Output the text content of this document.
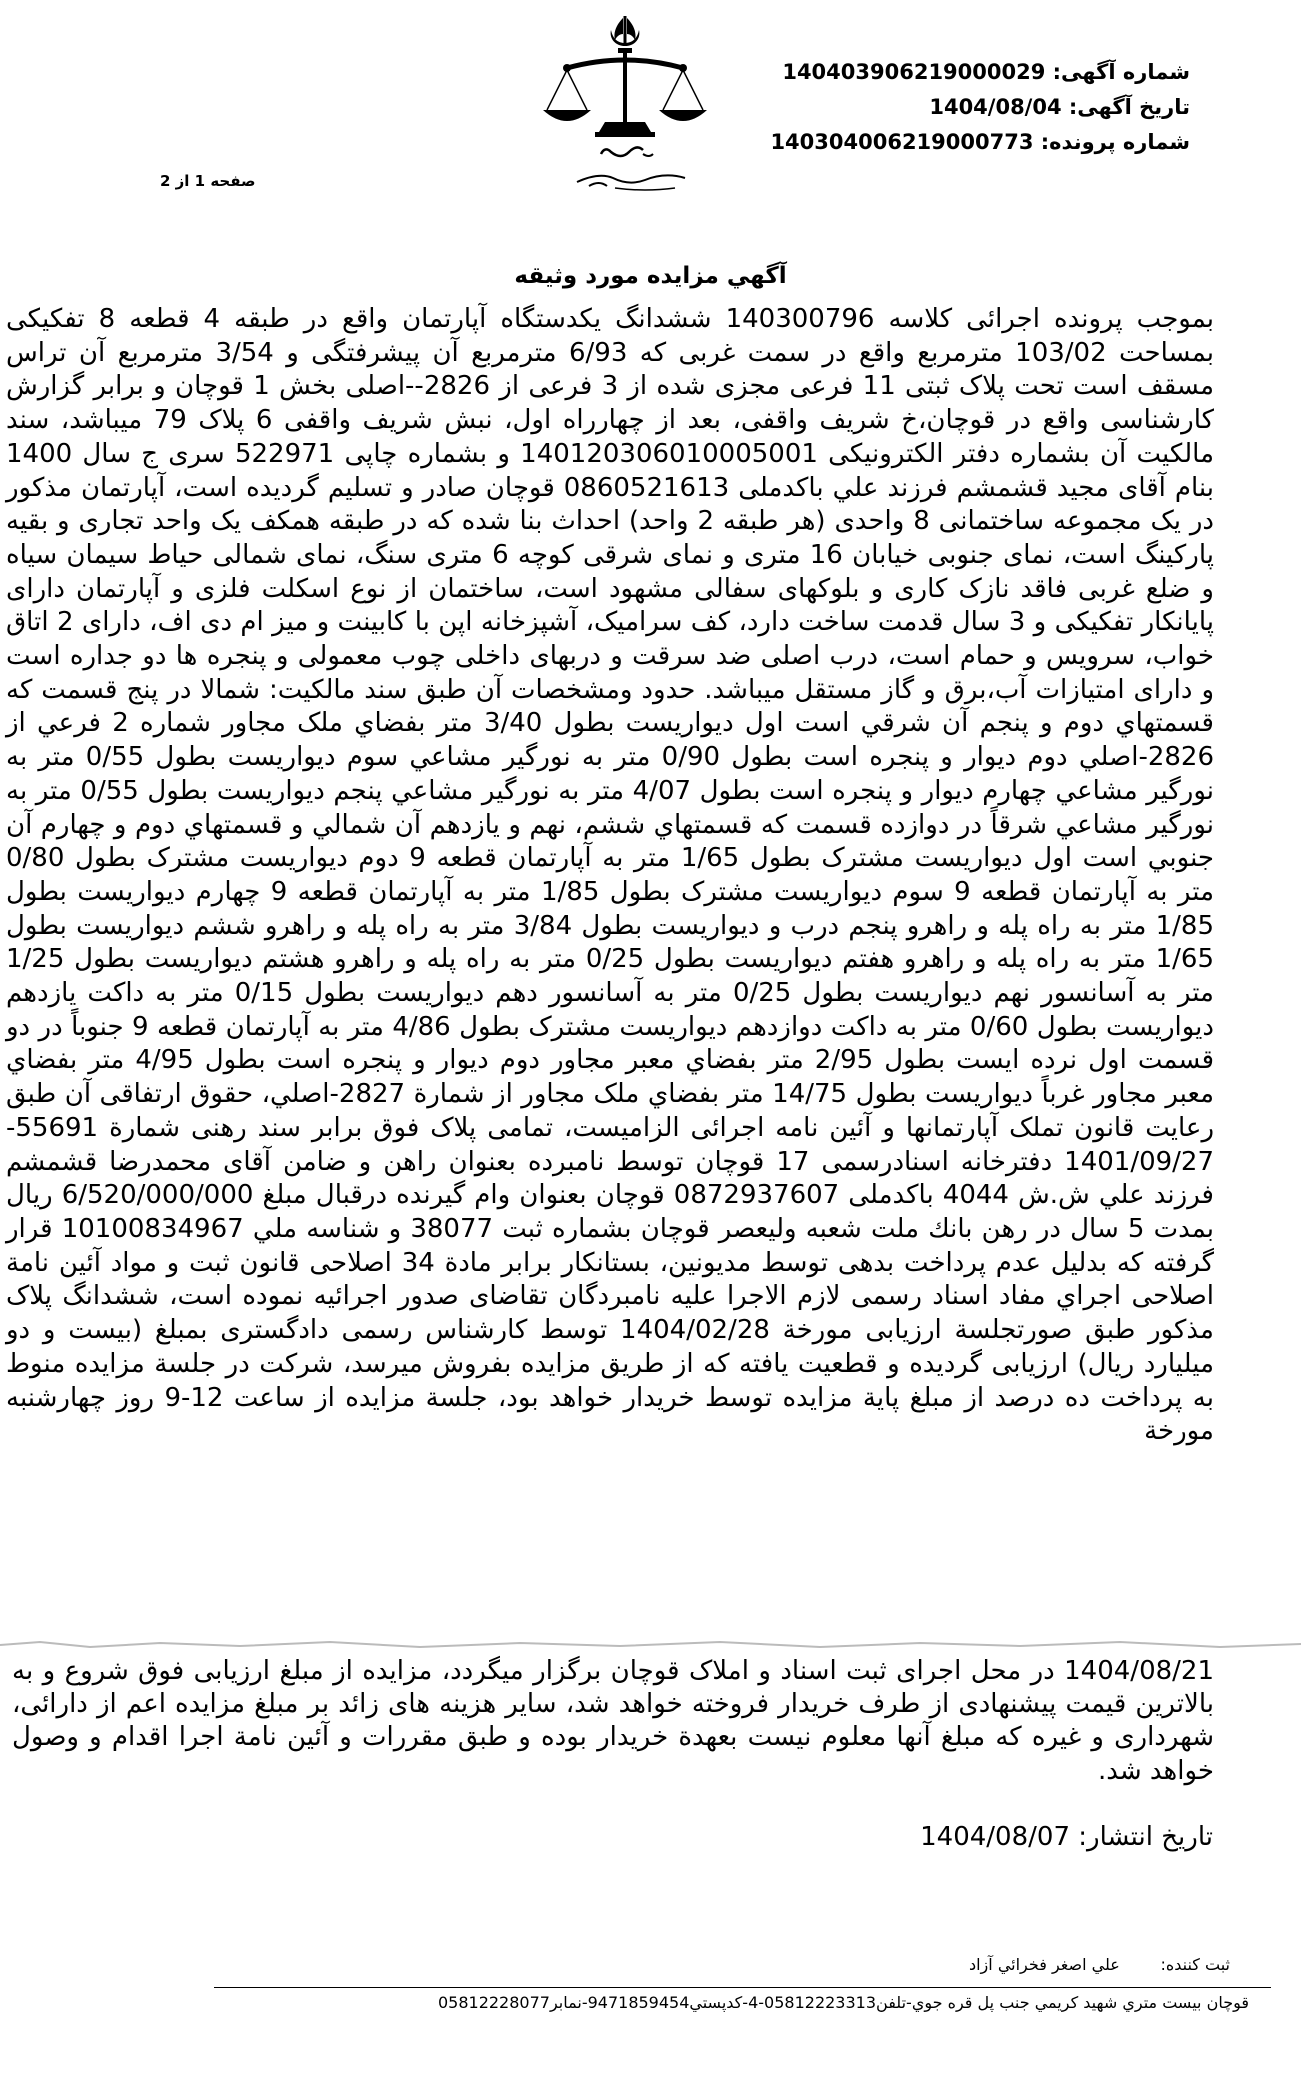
شماره آگهی: 14040390621900002‎9
تاریخ آگهی: 1404/08/04
شماره پرونده: 140304006219000773
صفحه 1 از 2
آگهي مزايده مورد وثيقه

بموجب پرونده اجرائی کلاسه 140300796 ششدانگ یکدستگاه آپارتمان واقع در طبقه 4 قطعه 8 تفکیکی بمساحت 103/02 مترمربع واقع در سمت غربی که 6/93 مترمربع آن پیشرفتگی و 3/54 مترمربع آن تراس مسقف است تحت پلاک ثبتی 11 فرعی مجزی شده از 3 فرعی از 2826--اصلی بخش 1 قوچان و برابر گزارش کارشناسی واقع در قوچان،خ شریف واقفی، بعد از چهارراه اول، نبش شریف واقفی 6 پلاک 79 میباشد، سند مالکیت آن بشماره دفتر الکترونیکی 140120306010005001 و بشماره چاپی 522971 سری ج سال 1400 بنام آقای مجید قشمشم فرزند علي باکدملی 0860521613 قوچان صادر و تسلیم گردیده است، آپارتمان مذکور در یک مجموعه ساختمانی 8 واحدی (هر طبقه 2 واحد) احداث بنا شده که در طبقه همکف یک واحد تجاری و بقیه پارکینگ است، نمای جنوبی خیابان 16 متری و نمای شرقی کوچه 6 متری سنگ، نمای شمالی حیاط سیمان سیاه و ضلع غربی فاقد نازک کاری و بلوکهای سفالی مشهود است، ساختمان از نوع اسکلت فلزی و آپارتمان دارای پایانکار تفکیکی و 3 سال قدمت ساخت دارد، کف سرامیک، آشپزخانه اپن با کابینت و میز ام دی اف، دارای 2 اتاق خواب، سرویس و حمام است، درب اصلی ضد سرقت و دربهای داخلی چوب معمولی و پنجره ها دو جداره است و دارای امتیازات آب،برق و گاز مستقل میباشد. حدود ومشخصات آن طبق سند مالکیت: شمالا در پنج قسمت که قسمتهاي دوم و پنجم آن شرقي است اول دیواریست بطول 3/40 متر بفضاي ملک مجاور شماره 2 فرعي از 2826-اصلي دوم ديوار و پنجره است بطول 0/90 متر به نورگير مشاعي سوم ديواريست بطول 0/55 متر به نورگير مشاعي چهارم ديوار و پنجره است بطول 4/07 متر به نورگير مشاعي پنجم ديواريست بطول 0/55 متر به نورگير مشاعي شرقاً در دوازده قسمت که قسمتهاي ششم، نهم و يازدهم آن شمالي و قسمتهاي دوم و چهارم آن جنوبي است اول ديواريست مشترک بطول 1/65 متر به آپارتمان قطعه 9 دوم ديواريست مشترک بطول 0/80 متر به آپارتمان قطعه 9 سوم ديواريست مشترک بطول 1/85 متر به آپارتمان قطعه 9 چهارم ديواريست بطول 1/85 متر به راه پله و راهرو پنجم درب و ديواريست بطول 3/84 متر به راه پله و راهرو ششم ديواريست بطول 1/65 متر به راه پله و راهرو هفتم ديواريست بطول 0/25 متر به راه پله و راهرو هشتم ديواريست بطول 1/25 متر به آسانسور نهم ديواريست بطول 0/25 متر به آسانسور دهم ديواريست بطول 0/15 متر به داکت يازدهم ديواريست بطول 0/60 متر به داکت دوازدهم ديواريست مشترک بطول 4/86 متر به آپارتمان قطعه 9 جنوباً در دو قسمت اول نرده ايست بطول 2/95 متر بفضاي معبر مجاور دوم ديوار و پنجره است بطول 4/95 متر بفضاي معبر مجاور غرباً ديواريست بطول 14/75 متر بفضاي ملک مجاور از شمارة 2827-اصلي، حقوق ارتفاقی آن طبق رعایت قانون تملک آپارتمانها و آئین نامه اجرائی الزامیست، تمامی پلاک فوق برابر سند رهنی شمارة 55691-1401/09/27 دفترخانه اسنادرسمی 17 قوچان توسط نامبرده بعنوان راهن و ضامن آقای محمدرضا قشمشم فرزند علي ش.ش 4044 باکدملی 0872937607 قوچان بعنوان وام گیرنده درقبال مبلغ 6/520/000/000 ریال بمدت 5 سال در رهن بانك ملت شعبه وليعصر قوچان بشماره ثبت 38077 و شناسه ملي 10100834967 قرار گرفته که بدلیل عدم پرداخت بدهی توسط مدیونین، بستانکار برابر مادة 34 اصلاحی قانون ثبت و مواد آئین نامة اصلاحی اجراي مفاد اسناد رسمی لازم الاجرا علیه نامبردگان تقاضای صدور اجرائیه نموده است، ششدانگ پلاک مذکور طبق صورتجلسة ارزیابی مورخة 1404/02/28 توسط کارشناس رسمی دادگستری بمبلغ (بیست و دو میلیارد ریال) ارزیابی گردیده و قطعیت یافته که از طریق مزایده بفروش میرسد، شرکت در جلسة مزایده منوط به پرداخت ده درصد از مبلغ پایة مزایده توسط خریدار خواهد بود، جلسة مزایده از ساعت 12-9 روز چهارشنبه مورخة

1404/08/21 در محل اجرای ثبت اسناد و املاک قوچان برگزار میگردد، مزایده از مبلغ ارزیابی فوق شروع و به بالاترین قیمت پیشنهادی از طرف خریدار فروخته خواهد شد، سایر هزینه های زائد بر مبلغ مزایده اعم از دارائی، شهرداری و غیره که مبلغ آنها معلوم نیست بعهدة خریدار بوده و طبق مقررات و آئین نامة اجرا اقدام و وصول خواهد شد.

تاریخ انتشار: 1404/08/07
ثبت کننده:        علي اصغر فخرائي آزاد
قوچان بيست متري شهيد کريمي جنب پل قره جوي-تلفن05812223313-4-کدپستي9471859454-نمابر05812228077
